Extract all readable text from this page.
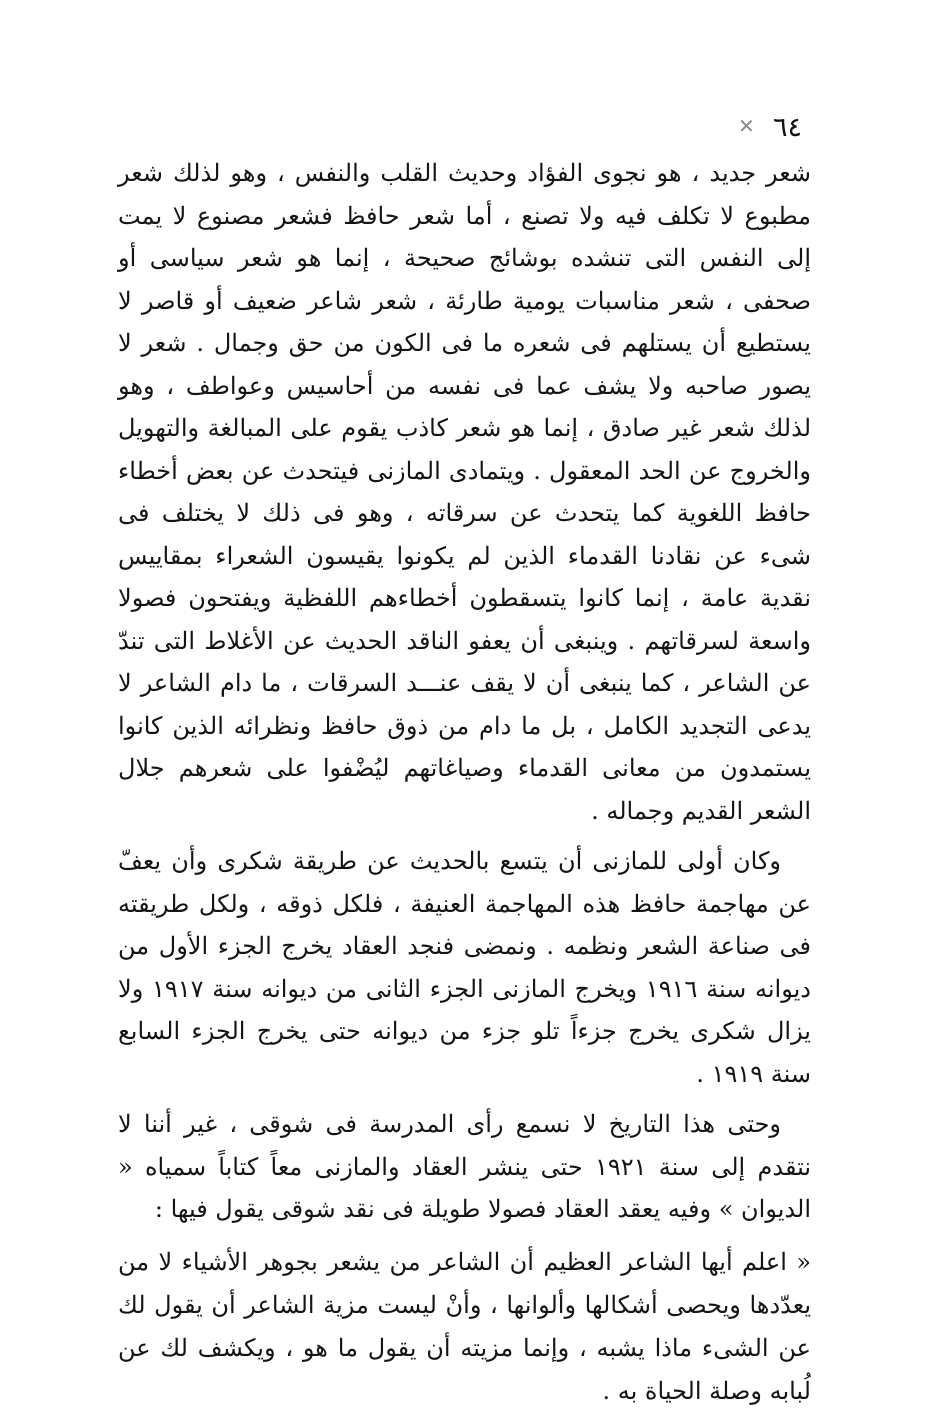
✕ ٦٤

شعر جديد ، هو نجوى الفؤاد وحديث القلب والنفس ، وهو لذلك شعر مطبوع لا تكلف فيه ولا تصنع ، أما شعر حافظ فشعر مصنوع لا يمت إلى النفس التى تنشده بوشائج صحيحة ، إنما هو شعر سياسى أو صحفى ، شعر مناسبات يومية طارئة ، شعر شاعر ضعيف أو قاصر لا يستطيع أن يستلهم فى شعره ما فى الكون من حق وجمال . شعر لا يصور صاحبه ولا يشف عما فى نفسه من أحاسيس وعواطف ، وهو لذلك شعر غير صادق ، إنما هو شعر كاذب يقوم على المبالغة والتهويل والخروج عن الحد المعقول . ويتمادى المازنى فيتحدث عن بعض أخطاء حافظ اللغوية كما يتحدث عن سرقاته ، وهو فى ذلك لا يختلف فى شىء عن نقادنا القدماء الذين لم يكونوا يقيسون الشعراء بمقاييس نقدية عامة ، إنما كانوا يتسقطون أخطاءهم اللفظية ويفتحون فصولا واسعة لسرقاتهم . وينبغى أن يعفو الناقد الحديث عن الأغلاط التى تندّ عن الشاعر ، كما ينبغى أن لا يقف عنـــد السرقات ، ما دام الشاعر لا يدعى التجديد الكامل ، بل ما دام من ذوق حافظ ونظرائه الذين كانوا يستمدون من معانى القدماء وصياغاتهم ليُضْفوا على شعرهم جلال الشعر القديم وجماله .

وكان أولى للمازنى أن يتسع بالحديث عن طريقة شكرى وأن يعفّ عن مهاجمة حافظ هذه المهاجمة العنيفة ، فلكل ذوقه ، ولكل طريقته فى صناعة الشعر ونظمه . ونمضى فنجد العقاد يخرج الجزء الأول من ديوانه سنة ١٩١٦ ويخرج المازنى الجزء الثانى من ديوانه سنة ١٩١٧ ولا يزال شكرى يخرج جزءاً تلو جزء من ديوانه حتى يخرج الجزء السابع سنة ١٩١٩ .

وحتى هذا التاريخ لا نسمع رأى المدرسة فى شوقى ، غير أننا لا نتقدم إلى سنة ١٩٢١ حتى ينشر العقاد والمازنى معاً كتاباً سمياه « الديوان » وفيه يعقد العقاد فصولا طويلة فى نقد شوقى يقول فيها :

« اعلم أيها الشاعر العظيم أن الشاعر من يشعر بجوهر الأشياء لا من يعدّدها ويحصى أشكالها وألوانها ، وأنْ ليست مزية الشاعر أن يقول لك عن الشىء ماذا يشبه ، وإنما مزيته أن يقول ما هو ، ويكشف لك عن لُبابه وصلة الحياة به .
